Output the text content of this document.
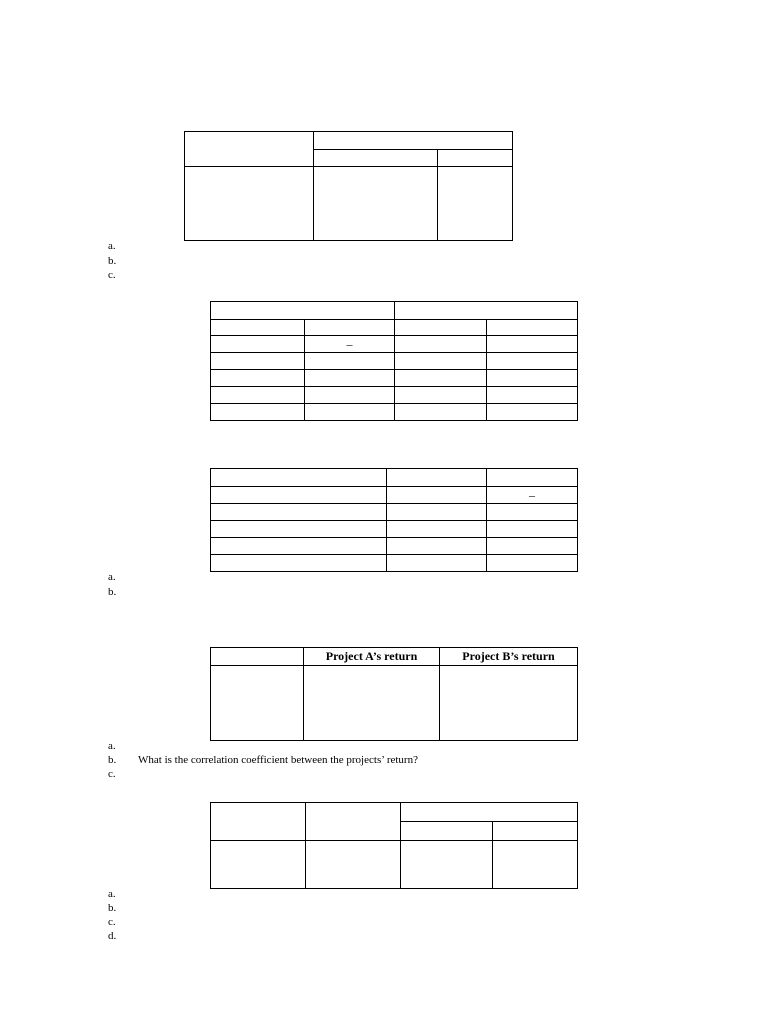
a.
b.
c.

	–		

		–

a.
b.
	Project A’s return	Project B’s return

a.
b. What is the correlation coefficient between the projects’ return?
c.

a.
b.
c.
d.
